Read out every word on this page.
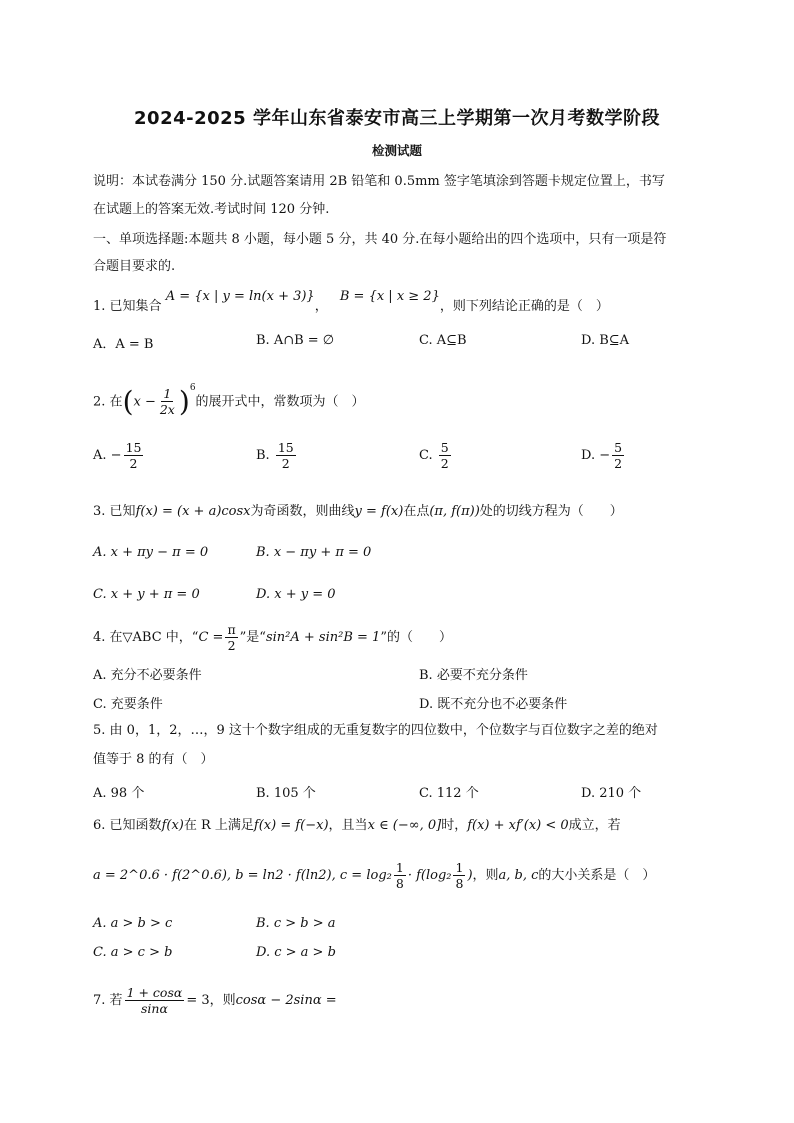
2024-2025 学年山东省泰安市高三上学期第一次月考数学阶段
检测试题
说明：本试卷满分 150 分.试题答案请用 2B 铅笔和 0.5mm 签字笔填涂到答题卡规定位置上，书写
在试题上的答案无效.考试时间 120 分钟.
一、单项选择题:本题共 8 小题，每小题 5 分，共 40 分.在每小题给出的四个选项中，只有一项是符
合题目要求的.
1. 已知集合 A = {x | y = ln(x + 3)}， B = {x | x ≥ 2}，则下列结论正确的是（　）
A．A = B	B. A∩B = ∅	C. A⊆B	D. B⊆A
2. 在$(x - \frac{1}{2x} )^6$的展开式中，常数项为（　）
A. − $\frac{15}{2}$	B. $\frac{15}{2}$	C. $\frac{5}{2}$	D. − $\frac{5}{2}$
3. 已知f(x) = (x + a)cosx为奇函数，则曲线y = f(x)在点(π, f(π))处的切线方程为（　　）
A. x + πy − π = 0	B. x − πy + π = 0
C. x + y + π = 0	D. x + y = 0
4. 在▽ABC 中，“$C = \frac{\pi}{2}$ ”是“sin²A + sin²B = 1”的（　　）
A. 充分不必要条件	B. 必要不充分条件
C. 充要条件	D. 既不充分也不必要条件
5. 由 0，1，2，…，9 这十个数字组成的无重复数字的四位数中，个位数字与百位数字之差的绝对
值等于 8 的有（　）
A. 98 个	B. 105 个	C. 112 个	D. 210 个
6. 已知函数f(x)在 R 上满足f(x) = f(−x)，且当x ∈ (−∞, 0]时，f(x) + xf′(x) < 0成立，若
a = 2^0.6 · f(2^0.6), b = ln2 · f(ln2), $c = \log_2 \frac{1}{8} \cdot f(\log_2 \frac{1}{8}$ )，则a, b, c的大小关系是（　）
A. a > b > c	B. c > b > a
C. a > c > b	D. c > a > b
7. 若 $\frac{1 + \cos\alpha}{\sin\alpha} = 3$，则cosα − 2sinα =
